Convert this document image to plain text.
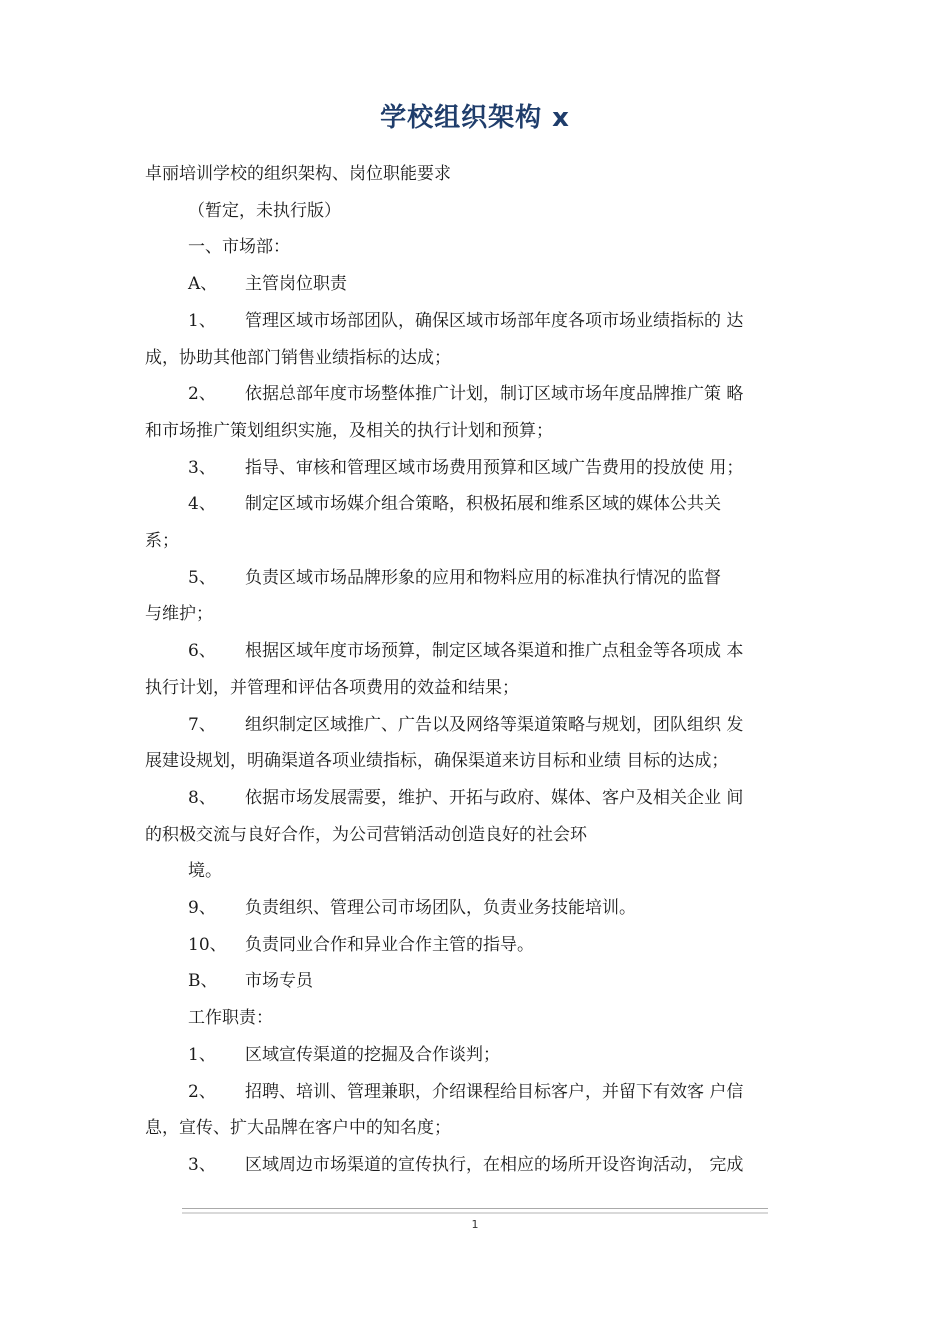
学校组织架构 x

卓丽培训学校的组织架构、岗位职能要求

（暂定，未执行版）

一、市场部：

A、 主管岗位职责

1、 管理区域市场部团队，确保区域市场部年度各项市场业绩指标的 达

成，协助其他部门销售业绩指标的达成；

2、 依据总部年度市场整体推广计划，制订区域市场年度品牌推广策 略

和市场推广策划组织实施，及相关的执行计划和预算；

3、 指导、审核和管理区域市场费用预算和区域广告费用的投放使 用；

4、 制定区域市场媒介组合策略，积极拓展和维系区域的媒体公共关

系；

5、 负责区域市场品牌形象的应用和物料应用的标准执行情况的监督

与维护；

6、 根据区域年度市场预算，制定区域各渠道和推广点租金等各项成 本

执行计划，并管理和评估各项费用的效益和结果；

7、 组织制定区域推广、广告以及网络等渠道策略与规划，团队组织 发

展建设规划，明确渠道各项业绩指标，确保渠道来访目标和业绩 目标的达成；

8、 依据市场发展需要，维护、开拓与政府、媒体、客户及相关企业 间

的积极交流与良好合作，为公司营销活动创造良好的社会环

境。

9、 负责组织、管理公司市场团队，负责业务技能培训。

10、 负责同业合作和异业合作主管的指导。

B、 市场专员

工作职责：

1、 区域宣传渠道的挖掘及合作谈判；

2、 招聘、培训、管理兼职，介绍课程给目标客户，并留下有效客 户信

息，宣传、扩大品牌在客户中的知名度；

3、 区域周边市场渠道的宣传执行，在相应的场所开设咨询活动， 完成

1
